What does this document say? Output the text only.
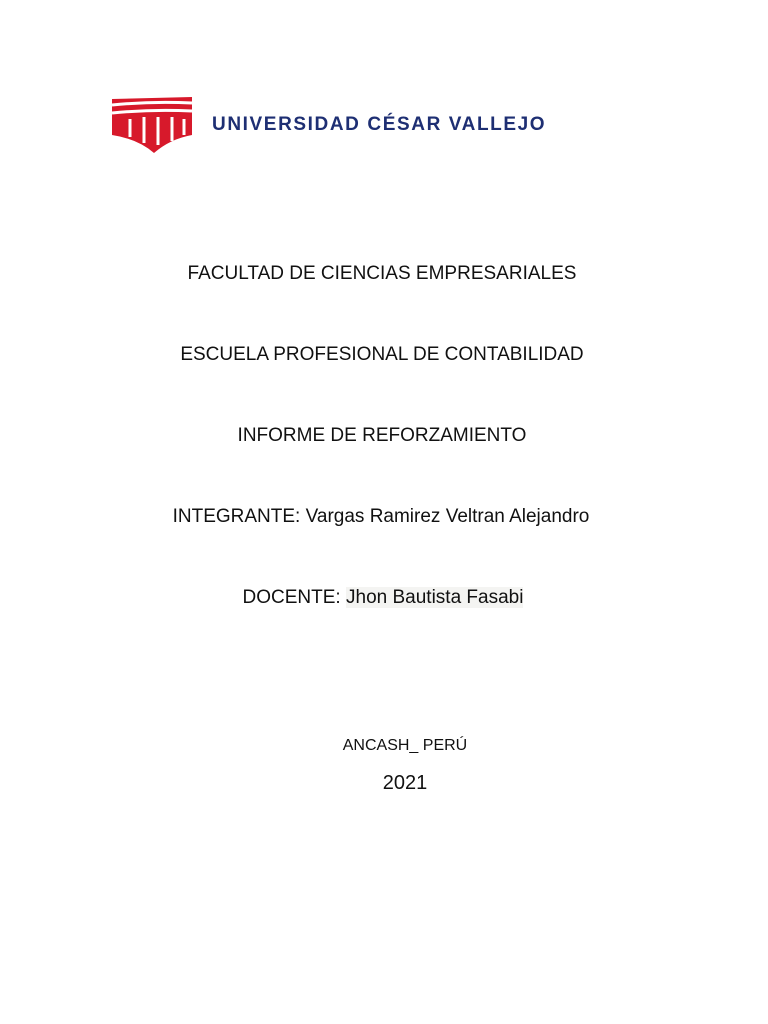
UNIVERSIDAD CÉSAR VALLEJO
FACULTAD DE CIENCIAS EMPRESARIALES
ESCUELA PROFESIONAL DE CONTABILIDAD
INFORME DE REFORZAMIENTO
INTEGRANTE: Vargas Ramirez Veltran Alejandro
DOCENTE: Jhon Bautista Fasabi
ANCASH_ PERÚ
2021
